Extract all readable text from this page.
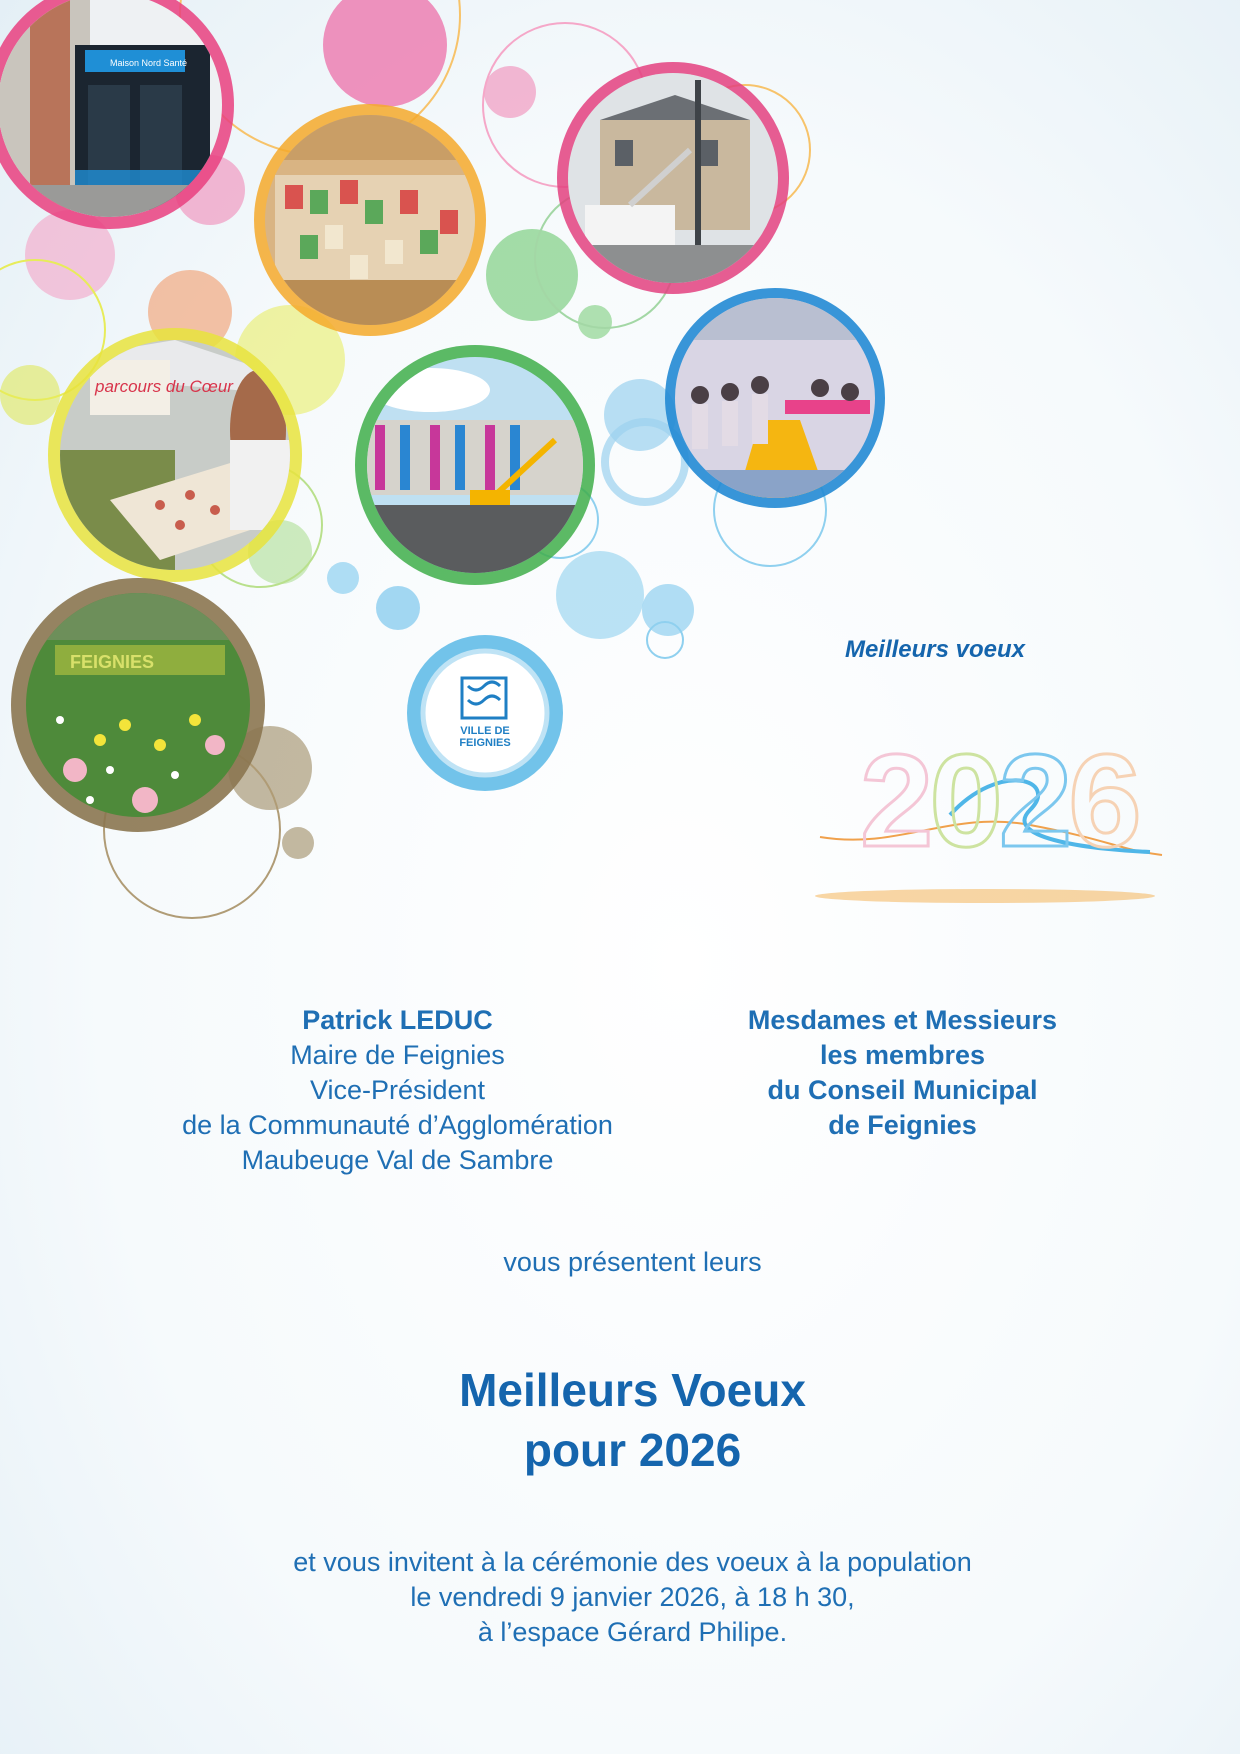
Maison Nord Santé
parcours du Cœur
FEIGNIES
VILLE DE
FEIGNIES
Meilleurs voeux
2026
Patrick LEDUC
Maire de Feignies
Vice-Président
de la Communauté d’Agglomération
Maubeuge Val de Sambre
Mesdames et Messieurs
les membres
du Conseil Municipal
de Feignies
vous présentent leurs
Meilleurs Voeux
pour 2026
et vous invitent à la cérémonie des voeux à la population
le vendredi 9 janvier 2026, à 18 h 30,
à l’espace Gérard Philipe.
